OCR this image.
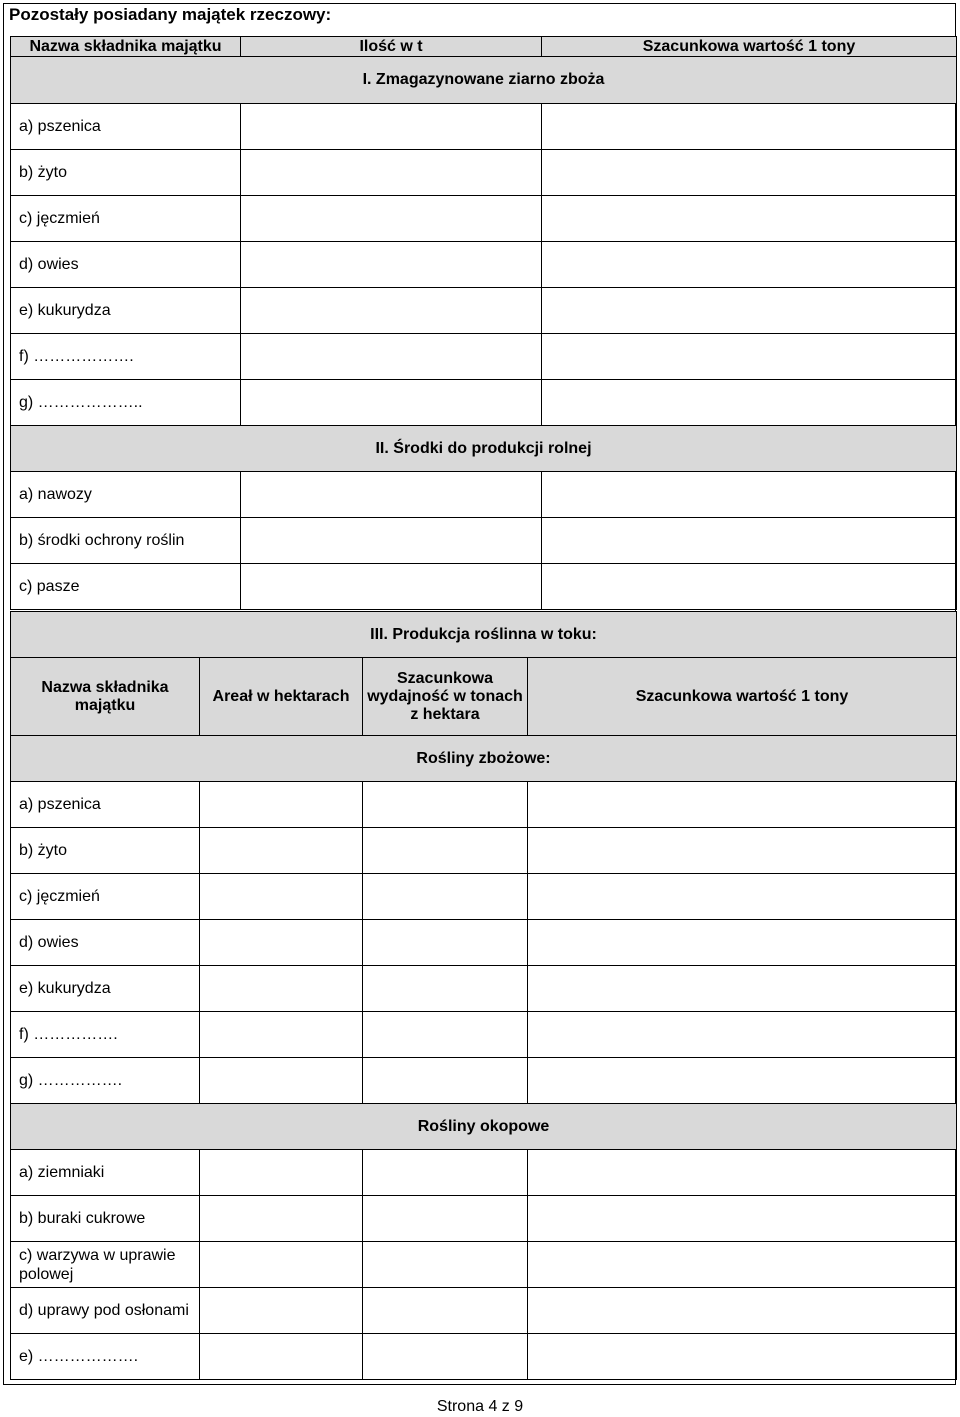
Pozostały posiadany majątek rzeczowy:
Nazwa składnika majątku	Ilość w t	Szacunkowa wartość 1 tony
I. Zmagazynowane ziarno zboża		
a) pszenica		
b) żyto		
c) jęczmień		
d) owies		
e) kukurydza		
f) ……………….		
g) ………………..		
II. Środki do produkcji rolnej		
a) nawozy		
b) środki ochrony roślin		
c) pasze		
III. Produkcja roślinna w toku:			
Nazwa składnika majątku	Areał w hektarach	Szacunkowa wydajność w tonach z hektara	Szacunkowa wartość 1 tony
Rośliny zbożowe:			
a) pszenica			
b) żyto			
c) jęczmień			
d) owies			
e) kukurydza			
f) …………….			
g) …………….			
Rośliny okopowe			
a) ziemniaki			
b) buraki cukrowe			
c) warzywa w uprawie polowej			
d) uprawy pod osłonami			
e) ……………….			
Strona 4 z 9
